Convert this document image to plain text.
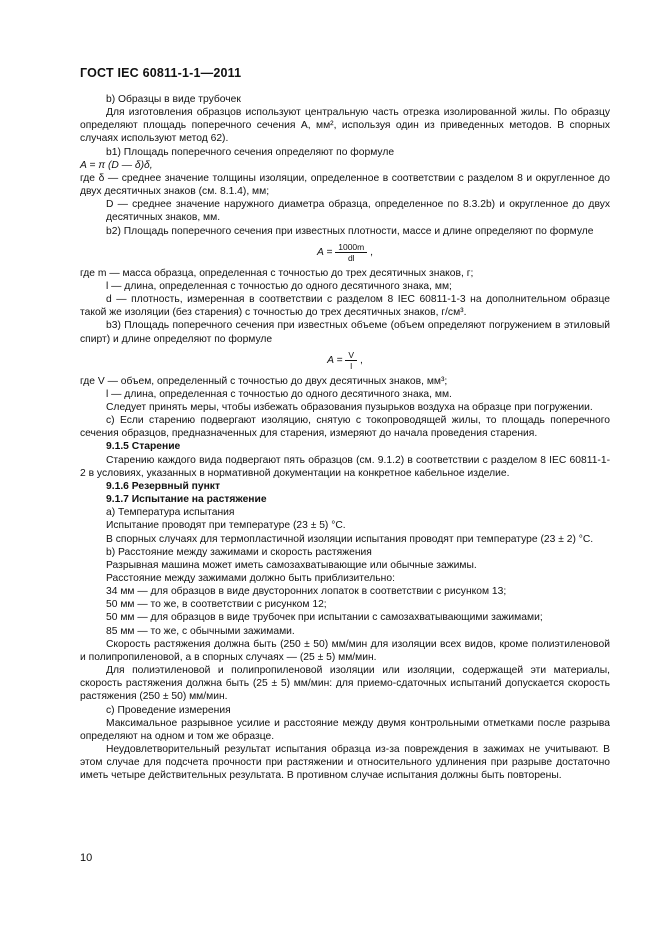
ГОСТ IEC 60811-1-1—2011

b) Образцы в виде трубочек

Для изготовления образцов используют центральную часть отрезка изолированной жилы. По образцу определяют площадь поперечного сечения A, мм², используя один из приведенных методов. В спорных случаях используют метод 62).

b1) Площадь поперечного сечения определяют по формуле

A = π (D — δ)δ,

где δ — среднее значение толщины изоляции, определенное в соответствии с разделом 8 и округленное до двух десятичных знаков (см. 8.1.4), мм;

D — среднее значение наружного диаметра образца, определенное по 8.3.2b) и округленное до двух десятичных знаков, мм.

b2) Площадь поперечного сечения при известных плотности, массе и длине определяют по формуле

$A = \frac{1000m}{dl}$ ,

где m — масса образца, определенная с точностью до трех десятичных знаков, г;

l — длина, определенная с точностью до одного десятичного знака, мм;

d — плотность, измеренная в соответствии с разделом 8 IEC 60811-1-3 на дополнительном образце такой же изоляции (без старения) с точностью до трех десятичных знаков, г/см³.

b3) Площадь поперечного сечения при известных объеме (объем определяют погружением в этиловый спирт) и длине определяют по формуле

$A = \frac{V}{l}$ ,

где V — объем, определенный с точностью до двух десятичных знаков, мм³;

l — длина, определенная с точностью до одного десятичного знака, мм.

Следует принять меры, чтобы избежать образования пузырьков воздуха на образце при погружении.

с) Если старению подвергают изоляцию, снятую с токопроводящей жилы, то площадь поперечного сечения образцов, предназначенных для старения, измеряют до начала проведения старения.

9.1.5 Старение

Старению каждого вида подвергают пять образцов (см. 9.1.2) в соответствии с разделом 8 IEC 60811-1-2 в условиях, указанных в нормативной документации на конкретное кабельное изделие.

9.1.6 Резервный пункт

9.1.7 Испытание на растяжение

а) Температура испытания

Испытание проводят при температуре (23 ± 5) °С.

В спорных случаях для термопластичной изоляции испытания проводят при температуре (23 ± 2) °С.

b) Расстояние между зажимами и скорость растяжения

Разрывная машина может иметь самозахватывающие или обычные зажимы.

Расстояние между зажимами должно быть приблизительно:

34 мм — для образцов в виде двусторонних лопаток в соответствии с рисунком 13;

50 мм — то же, в соответствии с рисунком 12;

50 мм — для образцов в виде трубочек при испытании с самозахватывающими зажимами;

85 мм — то же, с обычными зажимами.

Скорость растяжения должна быть (250 ± 50) мм/мин для изоляции всех видов, кроме полиэтиленовой и полипропиленовой, а в спорных случаях — (25 ± 5) мм/мин.

Для полиэтиленовой и полипропиленовой изоляции или изоляции, содержащей эти материалы, скорость растяжения должна быть (25 ± 5) мм/мин: для приемо-сдаточных испытаний допускается скорость растяжения (250 ± 50) мм/мин.

с) Проведение измерения

Максимальное разрывное усилие и расстояние между двумя контрольными отметками после разрыва определяют на одном и том же образце.

Неудовлетворительный результат испытания образца из-за повреждения в зажимах не учитывают. В этом случае для подсчета прочности при растяжении и относительного удлинения при разрыве достаточно иметь четыре действительных результата. В противном случае испытания должны быть повторены.

10
